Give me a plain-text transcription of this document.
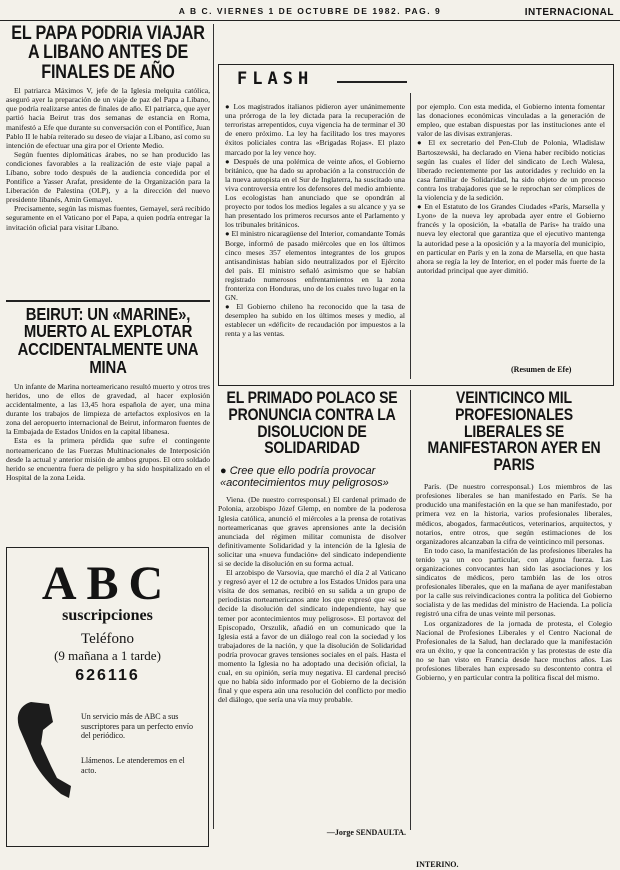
A B C. VIERNES 1 DE OCTUBRE DE 1982. PAG. 9	INTERNACIONAL
EL PAPA PODRIA VIAJAR A LIBANO ANTES DE FINALES DE AÑO

El patriarca Máximos V, jefe de la Iglesia melquita católica, aseguró ayer la preparación de un viaje de paz del Papa a Líbano, que podría realizarse antes de finales de año. El patriarca, que ayer partió hacia Beirut tras dos semanas de estancia en Roma, manifestó a Efe que durante su conversación con el Pontífice, Juan Pablo II le había reiterado su deseo de viajar a Líbano, así como su intención de efectuar una gira por el Oriente Medio.

Según fuentes diplomáticas árabes, no se han producido las condiciones favorables a la realización de este viaje papal a Líbano, sobre todo después de la audiencia concedida por el Pontífice a Yasser Arafat, presidente de la Organización para la Liberación de Palestina (OLP), y a la dirección del nuevo presidente libanés, Amin Gemayel.

Precisamente, según las mismas fuentes, Gemayel, será recibido seguramente en el Vaticano por el Papa, a quien podría entregar la invitación oficial para visitar Líbano.

BEIRUT: UN «MARINE», MUERTO AL EXPLOTAR ACCIDENTALMENTE UNA MINA

Un infante de Marina norteamericano resultó muerto y otros tres heridos, uno de ellos de gravedad, al hacer explosión accidentalmente, a las 13,45 hora española de ayer, una mina durante los trabajos de limpieza de artefactos explosivos en la zona del aeropuerto internacional de Beirut, informaron fuentes de la Embajada de Estados Unidos en la capital libanesa.

Esta es la primera pérdida que sufre el contingente norteamericano de las Fuerzas Multinacionales de Interposición desde la actual y anterior misión de ambos grupos. El otro soldado herido se encuentra fuera de peligro y ha sido hospitalizado en el Hospital de la zona Leida.

ABC
suscripciones
Teléfono
(9 mañana a 1 tarde)
626116
Un servicio más de ABC a sus suscriptores para un perfecto envío del periódico.
Llámenos. Le atenderemos en el acto.
FLASH

● Los magistrados italianos pidieron ayer unánimemente una prórroga de la ley dictada para la recuperación de terroristas arrepentidos, cuya vigencia ha de terminar el 30 de enero próximo. La ley ha facilitado los tres mayores éxitos policiales contra las «Brigadas Rojas». El plazo marcado por la ley vence hoy.
● Después de una polémica de veinte años, el Gobierno británico, que ha dado su aprobación a la construcción de la nueva autopista en el Sur de Inglaterra, ha suscitado una viva controversia entre los defensores del medio ambiente. Los ecologistas han anunciado que se opondrán al proyecto por todos los medios legales a su alcance y ya se han presentado los primeros recursos ante el Parlamento y los tribunales británicos.
● El ministro nicaragüense del Interior, comandante Tomás Borge, informó de pasado miércoles que en los últimos cinco meses 357 elementos integrantes de los grupos antisandinistas habían sido neutralizados por el Ejército del país. El ministro señaló asimismo que se habían registrado numerosos enfrentamientos en la zona fronteriza con Honduras, uno de los cuales tuvo lugar en la GN.
● El Gobierno chileno ha reconocido que la tasa de desempleo ha subido en los últimos meses y medio, al establecer un «déficit» de recaudación por impuestos a la renta y a las ventas.

por ejemplo. Con esta medida, el Gobierno intenta fomentar las donaciones económicas vinculadas a la generación de empleo, que estaban dispuestas por las instituciones ante el valor de las divisas extranjeras.
● El ex secretario del Pen-Club de Polonia, Wladislaw Bartoszewski, ha declarado en Viena haber recibido noticias según las cuales el líder del sindicato de Lech Walesa, liberado recientemente por las autoridades y recluido en la casa familiar de Solidaridad, ha sido objeto de un proceso contra los trabajadores que se le reprochan ser cómplices de la violencia y de la sedición.
● En el Estatuto de los Grandes Ciudades «París, Marsella y Lyon» de la nueva ley aprobada ayer entre el Gobierno francés y la oposición, la «batalla de París» ha traído una nueva ley electoral que garantiza que el ejecutivo mantenga la autoridad pese a la oposición y a la mayoría del municipio, en particular en París y en la zona de Marsella, en que hasta ahora se regía la ley de Interior, en el poder más fuerte de la autoridad principal que ayer dimitió.

(Resumen de Efe)
EL PRIMADO POLACO SE PRONUNCIA CONTRA LA DISOLUCION DE SOLIDARIDAD
● Cree que ello podría provocar «acontecimientos muy peligrosos»

Viena. (De nuestro corresponsal.) El cardenal primado de Polonia, arzobispo Józef Glemp, en nombre de la poderosa Iglesia católica, anunció el miércoles a la prensa de rotativas norteamericanas que graves aprensiones ante la decisión anunciada del régimen militar comunista de disolver definitivamente Solidaridad y la intención de la Iglesia de solicitar una «nueva fundación» del sindicato independiente si se decide la disolución en su forma actual.

El arzobispo de Varsovia, que marchó el día 2 al Vaticano y regresó ayer el 12 de octubre a los Estados Unidos para una visita de dos semanas, recibió en su salida a un grupo de periodistas norteamericanos ante los que expresó que «si se decide la disolución del sindicato independiente, hay que temer por acontecimientos muy peligrosos». El portavoz del Episcopado, Orszulik, añadió en un comunicado que la Iglesia está a favor de un diálogo real con la sociedad y los trabajadores de la nación, y que la disolución de Solidaridad podría provocar graves tensiones sociales en el país. Hasta el momento la Iglesia no ha adoptado una decisión oficial, la cual, en su opinión, sería muy negativa. El cardenal precisó que no había sido informado por el Gobierno de la decisión final y que espera aún una resolución del conflicto por medio del diálogo, que sería una vía muy probable.

—Jorge SENDAULTA.
VEINTICINCO MIL PROFESIONALES LIBERALES SE MANIFESTARON AYER EN PARIS

París. (De nuestro corresponsal.) Los miembros de las profesiones liberales se han manifestado en París. Se ha producido una manifestación en la que se han manifestado, por primera vez en la historia, varios profesionales liberales, médicos, abogados, farmacéuticos, veterinarios, arquitectos, y notarios, entre otros, que según estimaciones de los organizadores alcanzaban la cifra de veinticinco mil personas.

En todo caso, la manifestación de las profesiones liberales ha tenido ya un eco particular, con alguna fuerza. Las organizaciones convocantes han sido las asociaciones y los sindicatos de médicos, pero también las de los otros profesionales liberales, que en la mañana de ayer manifestaban por la calle sus reivindicaciones contra la política del Gobierno socialista y de las medidas del ministro de Hacienda. La policía registró una cifra de unas veinte mil personas.

Los organizadores de la jornada de protesta, el Colegio Nacional de Profesiones Liberales y el Centro Nacional de Profesionales de la Salud, han declarado que la manifestación era un éxito, y que la concentración y las protestas de este día no se han visto en Francia desde hace muchos años. Las profesiones liberales han expresado su descontento contra el Gobierno, y en particular contra la política fiscal del mismo.

INTERINO.
